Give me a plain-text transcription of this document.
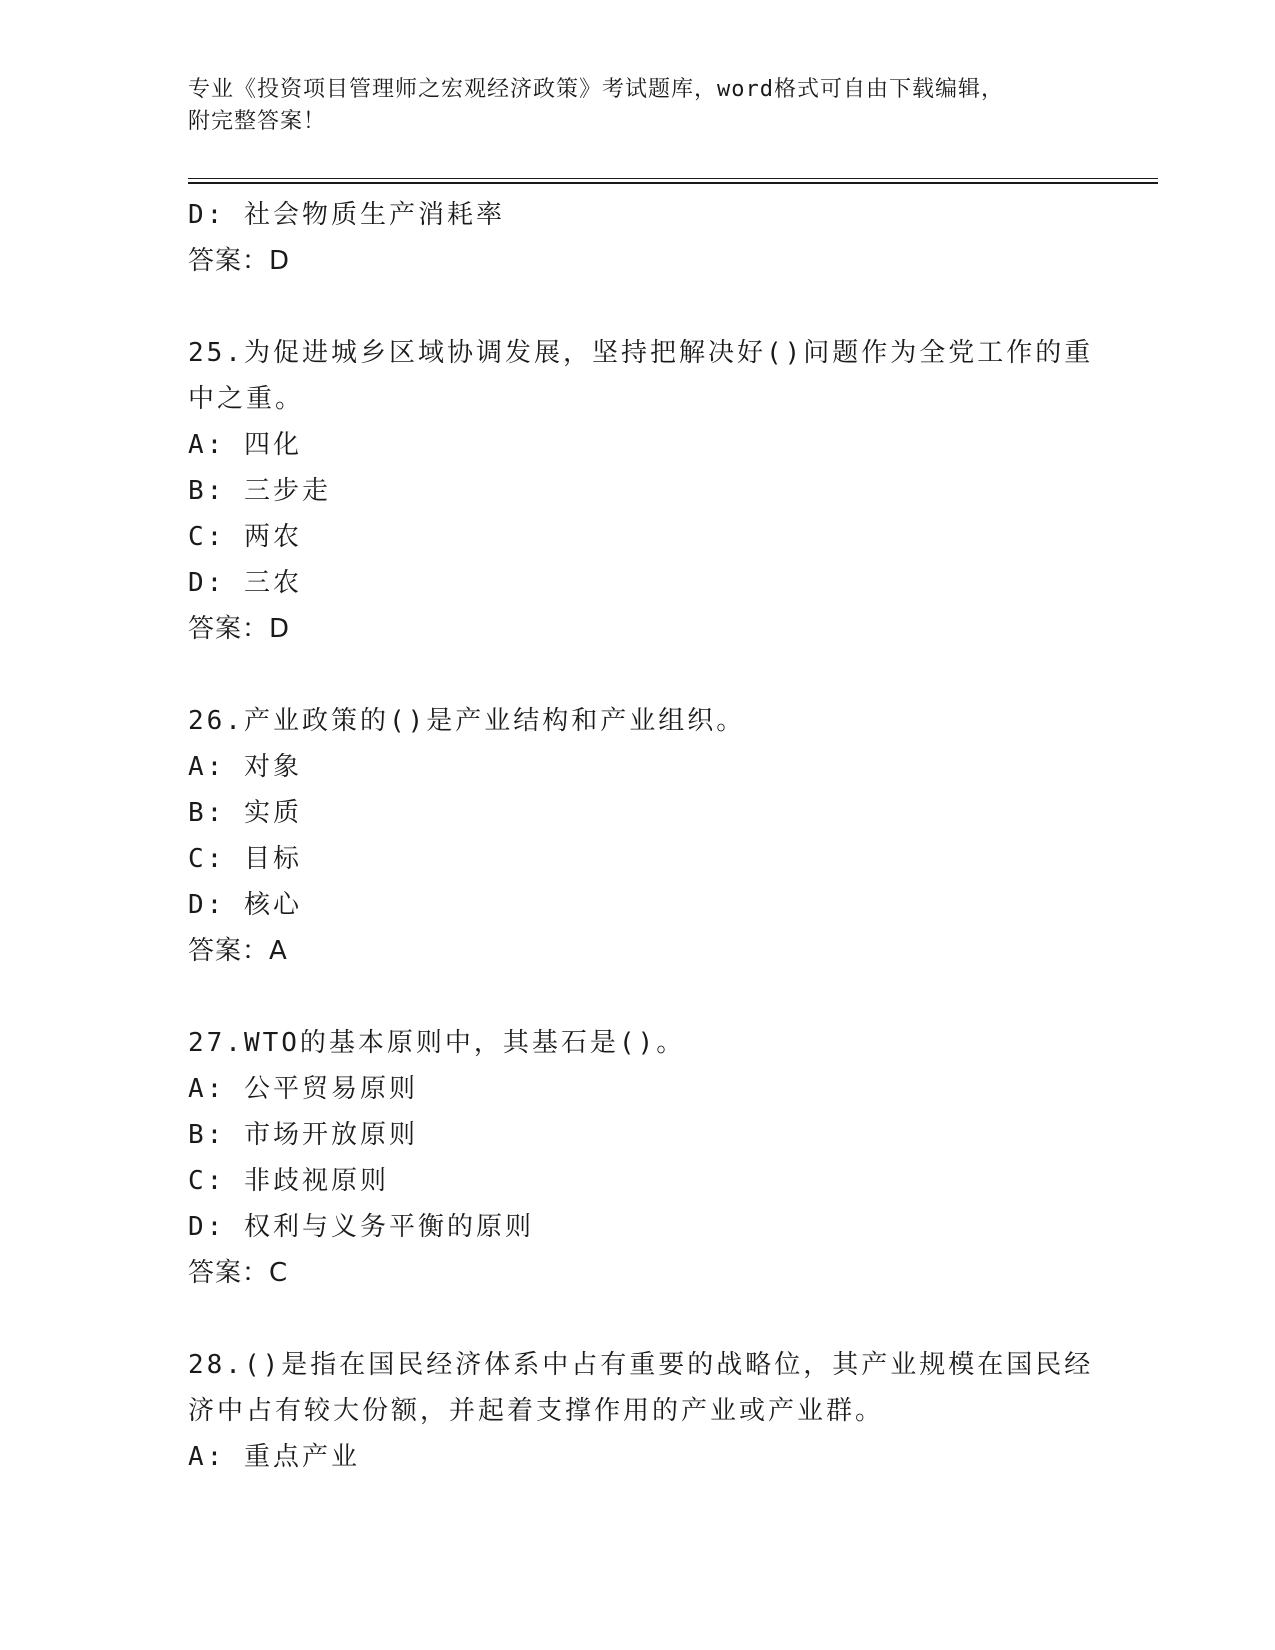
专业《投资项目管理师之宏观经济政策》考试题库，word格式可自由下载编辑，
附完整答案！
D: 社会物质生产消耗率
答案：D
25.为促进城乡区域协调发展，坚持把解决好()问题作为全党工作的重
中之重。
A: 四化
B: 三步走
C: 两农
D: 三农
答案：D
26.产业政策的()是产业结构和产业组织。
A: 对象
B: 实质
C: 目标
D: 核心
答案：A
27.WTO的基本原则中，其基石是()。
A: 公平贸易原则
B: 市场开放原则
C: 非歧视原则
D: 权利与义务平衡的原则
答案：C
28.()是指在国民经济体系中占有重要的战略位，其产业规模在国民经
济中占有较大份额，并起着支撑作用的产业或产业群。
A: 重点产业
